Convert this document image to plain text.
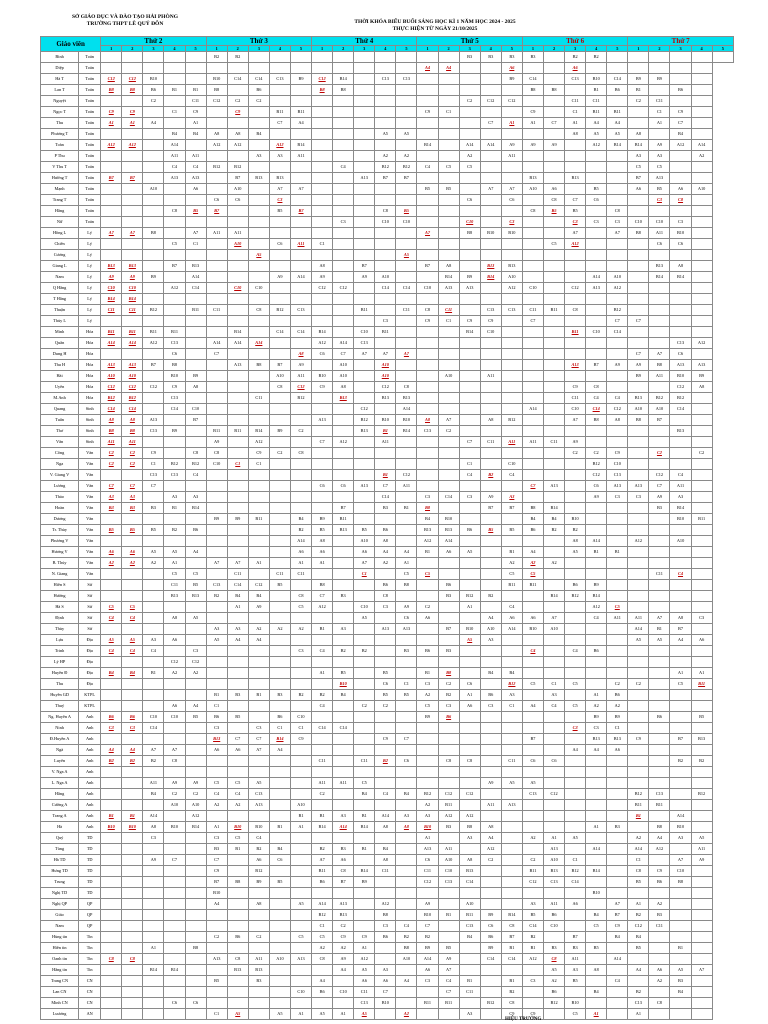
SỞ GIÁO DỤC VÀ ĐÀO TẠO HẢI PHÒNG
TRƯỜNG THPT LÊ QUÝ ĐÔN	THỜI KHÓA BIỂU BUỔI SÁNG HỌC KÌ 1 NĂM HỌC 2024 - 2025
THỰC HIỆN TỪ NGÀY 21/10/2025
Giáo viên		Thứ 2					Thứ 3					Thứ 4					Thứ 5					Thứ 6					Thứ 7				
		1	2	3	4	5	1	2	3	4	5	1	2	3	4	5	1	2	3	4	5	1	2	3	4	5	1	2	3	4	5
Bình	Toán						B2	B2											B3	B3	B3	B3		B2	B2						
Diệp	Toán																A4	A4			A6			A6							
Hà T	Toán	C12	C12	B10			B10	C14	C14	C13	B9	C12	B14		C13	C13					B9	C14		C13	B10	C14	B9	B9			
Lan T	Toán	B8	B8	B6	B1	B1	B8		B6			B8	B8									B8	B8		B1	B6	B1		B6		
Nguyệt	Toán			C2		C11	C12	C2	C2										C2	C12	C12			C11	C11		C2	C11			
Ngọc T	Toán	C9	C9		C1	C9		C9		B11	B11						C9	C1				C9		C1	B11	B11		C1	C9		
Thu	Toán	A1	A1	A4		A1				C7	A4									C7	A1	A1	C7	A1	A4	A4		A1	C7		
Phương T	Toán				B4	B4	A8	A8	B4						A5	A5								A8	A5	A5	A8		B4		
Toàn	Toán	A12	A12		A14		A12	A12		A12	B14						B14		A14	A14	A9	A9	A9		A12	B14	B14	A9	A12	A14	
P Thu	Toán				A11	A11			A3	A3	A11				A2	A2			A2		A11						A3	A3		A2	
V Thu T	Toán				C4	C4	B12	B12					C4		B12	B12	C4	C5	C5								C5	C5			
Hường T	Toán	B7	B7		A13	A13		B7	B13	B13				A13	B7	B7						B13		B13			B7	A13			
Mạnh	Toán			A10		A6		A10		A7	A7						B5	B5		A7	A7	A10	A6		B5		A6	B5	A6	A10	
Trang T	Toán						C6	C6		C3									C6		C6		C8	C7	C6			C3	C8		
Hằng	Toán				C8	B5	B7			B5	B7				C8	B5						C8	B5	B5		C8					
Nữ	Toán												C3		C10	C10			C10		C3			C3	C3	C3	C10	C10	C3		
Hồng L	Lý	A7	A7	B8		A7	A11	A11									A7		B8	B10	B10			A7		A7	B8	A11	B10		
Chiến	Lý				C5	C1		A10		C6	A11	C1											C5	A12				C6	C6		
Cương	Lý								A5							A5															
Giang L	Lý	B13	B13		B7	B13						A8		B7			B7	A8		B13	B13							B13	A8		
Nam	Lý	A9	A9	B9		A14				A9	A14	A9		A9	A10			B14	B9	B14	A10				A14	A10		B14	B14		
Q Hằng	Lý	C10	C10		A12	C14		C10	C10			C12	C12		C14	C14	C10	A13	A13		A12	C10		C12	A13	A12					
T Hằng	Lý	B14	B14																												
Thuận	Lý	C11	C11	B12		B11	C11		C8	B12	C13			B11		C11	C8	C11		C13	C13	C11	B11	C8		B12					
Thủy L	Lý														C3		C9	C1	C9	C9		C7				C7	C7				
Minh	Hóa	B11	B11	B11	B11			B14		C14	C14	B14		C10	B11				B14	C10				B11	C10	C14					
Quân	Hóa	A14	A14	A12	C13		A14	A14	A14			A12	A14	C13															C13	A12	
Dung H	Hóa				C6		C7				A8	C6	C7	A7	A7	A7											C7	A7	C6		
Thu H	Hóa	A13	A13	B7	B8			A13	B8	B7	A9		A10		A10									A13	B7	A9	A9	B8	A13	A13	
Hải	Hóa	A10	A10		B10	B9				A10	A11	B10	A10		A10			A10		A11							B9	A11	B10	B9	
Uyên	Hóa	C12	C12	C12	C9	A8				C8	C12	C9	A8		C12	C8								C9	C8				C12	A8	
M.Anh	Hóa	B12	B12		C13				C11		B12		B13		B13	B13								C11	C4	C4	B13	B12	B12		
Quang	Sinh	C14	C14		C14	C10								C12		A14						A14		C10	C14	C12	A10	A10	C14		
Tuấn	Sinh	A8	A8	A13		B7						A13		B12	B10	B10	A8	A7		A8	B12			A7	B8	A8	B8	B7			
Thơ	Sinh	B8	B8	C13	B9		B11	B11	B14	B9	C2			B13	B1	B14	C13	C2											B13		
Vân	Sinh	A11	A11				A9		A12			C7	A12		A11				C7	C11	A11	A11	C11	A9							
Công	Văn	C2	C2	C9		C8	C8		C9	C2	C8													C2	C2	C9		C2		C2	
Nga	Văn	C2	C2	C1	B12	B12	C10	C1	C1										C1		C10				B12	C10					
V. Giang V	Văn			C13	C13	C4									B1	C12			C4	B2	C4				C12	C13		C12	C4		
Lương	Văn	C7	C7	C7								C6	C6	A13	C7	A11						C7	A13		C6	A13	A13	C7	A11		
Thảo	Văn	A3	A3		A3	A3									C14		C3	C14	C3	A9	A3				A9	C3	C3	A9	A3		
Hoàn	Văn	B3	B3	B3	B1	B14							B7		B3	B1	B8			B7	B7	B8	B14					B3	B14		
Dương	Văn						B9	B9	B11		B4	B9	B11				B4	B10				B4	B4	B10					B10	B11	
Tr. Thủy	Văn	B5	B5	B5	B2	B6					B2	B5	B13	B5	B6		B13	B13	B6	B5	B5	B6	B2	B2							
Phương V	Văn										A14	A8		A10	A8		A12	A14						A8	A14		A12		A10		
Hương V	Văn	A6	A6	A5	A5	A4					A6	A6		A6	A4	A4	B1	A6	A5		B1	A4		A5	B1	B1					
B. Thủy	Văn	A2	A2	A2	A1		A7	A7	A1		A1	A1		A7	A2	A1					A2	A2	A2								
N. Giang	Văn				C5	C5		C11		C11	C11			C1		C5	C5				C5	C5						C11	C4		
Hiền S	Sử				C11	B5	C13	C14	C12	B5		B8			B6	B8		B6			B11	B11		B6	B9						
Hường	Sử				B13	B13	B2	B4	B4		C8	C7	B3		C8			B3	B12	B2			B14	B12	B14						
Hà S	Sử	C5	C5					A1	A9		C5	A12		C10	C3	A9	C2		A1		C4				A12	C5					
Định	Sử	C4	C4		A8	A5								A5		C6	A6			A4	A6	A6	A7		C4	A11	A11	A7	A8	C3	
Thủy	Sử						A3	A3	A2	A2	A2	B1	A3		A13	A13		B7	B10	A10	A14	B10	A10				A14	B1	B7		
Lựu	Địa	A5	A5	A3	A6		A5	A4	A4										A5	A3							A5	A5	A4	A6	
Trinh	Địa	C4	C4	C4		C3					C3	C4	B2	B2		B3	B6	B3				C4		C4	B6						
Lý HP	Địa				C12	C12																									
Huyền Đ	Địa	B4	B4	B1	A2	A2						A1	B5		B5		B1	B8		B4	B4								A1	A1	
Thu	Địa												B10		C6	C1	C3	C2	C6		B12	C5	C1	C5		C2	C2		C5	B11	
Huyền GD	KTPL						B1	B3	B1	B3	B2	B2	B4		B5	B5	A2	B2	A1	B6	A3		A3		A1	B6					
Thuý	KTPL				A6	A4	C1					C4		C2	C2		C5	C3	A6	C3	C1	A4	C4	C5	A2	A2					
Ng. Huyền A	Anh	B6	B6	C10	C10	B5	B6	B5		B6	C10						B9	B6							B9	B9		B6		B5	
Ninh	Anh	C3	C3	C14			C3		C3	C1	C1	C14	C14											C3	C3	C1					
Đ.Huyền A	Anh						B13	C7	C7	B14	C9				C9	C7						B7			B13	B13	C9		B7	B13	
Ngà	Anh	A4	A4	A7	A7		A6	A6	A7	A4														A4	A4	A6					
Luyến	Anh	B2	B2	B2	C8							C11		C11	B2	C6		C8	C8		C11	C6	C6						B2	B2	
V. Nga A	Anh																														
L. Nga A	Anh			A11	A9	A9	C5	C5	A5			A11	A11	C5						A9	A5	A5									
Hằng	Anh			B4	C2	C2	C4	C4	C13			C2		B4	C4	B4	B12	C12	C12			C13	C12				B12	C13		B12	
Cường A	Anh				A10	A10	A2	A2	A13		A10						A2	B11		A11	A13						B11	B11			
Trang A	Anh	B1	B1	A14		A12					B1	B1	A3	B1	A14	A3	A3	A12	A12								B1		A14		
Hà	Anh	B10	B10	A8	B10	B14	A1	B10	B10	B1	A1	B14	A14	B14	A8	A8	B10	B3	B8	A8					A1	B3		B8	B10		
Quý	TD			C3			C3	C5	C4								A1		A3	A4		A2	A1	A5			A2	A4	A3	A5	
Tùng	TD						B3	B1	B2	B4		B2	B3	B1	B4		A13	A11		A12			A13		A14		A14	A12		A11	
Hà TD	TD			A9	C7		C7		A6	C6		A7	A6		A8		C6	A10	A8	C2		C2	A10	C1			C1		A7	A9	
Hưng TD	TD						C9		B12			B11	C8	B14	C11		C11	C10	B13			B11	B13	B12	B14		C8	C9	C10		
Trung	TD						B7	B8	B9	B5		B6	B7	B9			C12	C13	C14			C12	C13	C14			B5	B6	B8		
Nghị TD	TD						B10																		B10						
Nghị QP	QP						A4		A8		A5	A14	A13		A12		A9		A10			A3	A11	A6		A7	A1	A2			
Giáo	QP											B12	B13		B8		B10	B1	B11	B9	B14	B5	B6		B4	B7	B2	B3			
Nam	QP											C1	C2		C3	C4	C7		C13	C6	C8	C14	C10		C5	C9	C12	C11			
Hùng tin	Tin						C2	B6	C2		C5	C5	C9	C9	B6	B2	B2		B4	B6	B7	B2		B7		B4	B4				
Hiền tin	Tin			A1		B8						A2	A2	A1		B8	B9	B5		B9	B1	B1	B3	B3	B5		B5		B1		
Oanh tin	Tin	C8	C8				A13	C8	A11	A10	A13	C8	A9	A12		A10	A14	A9		C14	C14	A12	C8	A11		A14					
Hằng tin	Tin			B14	B14			B13	B13				A4	A5	A3		A6	A7					A5	A3	A8		A4	A6	A5	A7	
Trang CN	CN						B5		B3			A4		A6	A6	A4	C3	C4	B1		B1	C3	A2	B5		C4		A2	B3		
Lan CN	CN										C10	B6	C10	C11	C7			C7	C11		B2		B6		B4		B2		B4		
Minh CN	CN				C6	C6								C13	B10		B11	B11		B12	C8		B12	B10			C13	C8			
Luương	AN						C1	A5		A5	A1	A5	A1	A5		A2			A3		C9	C9		C5	A1		A1				
HIỆU TRƯỞNG
